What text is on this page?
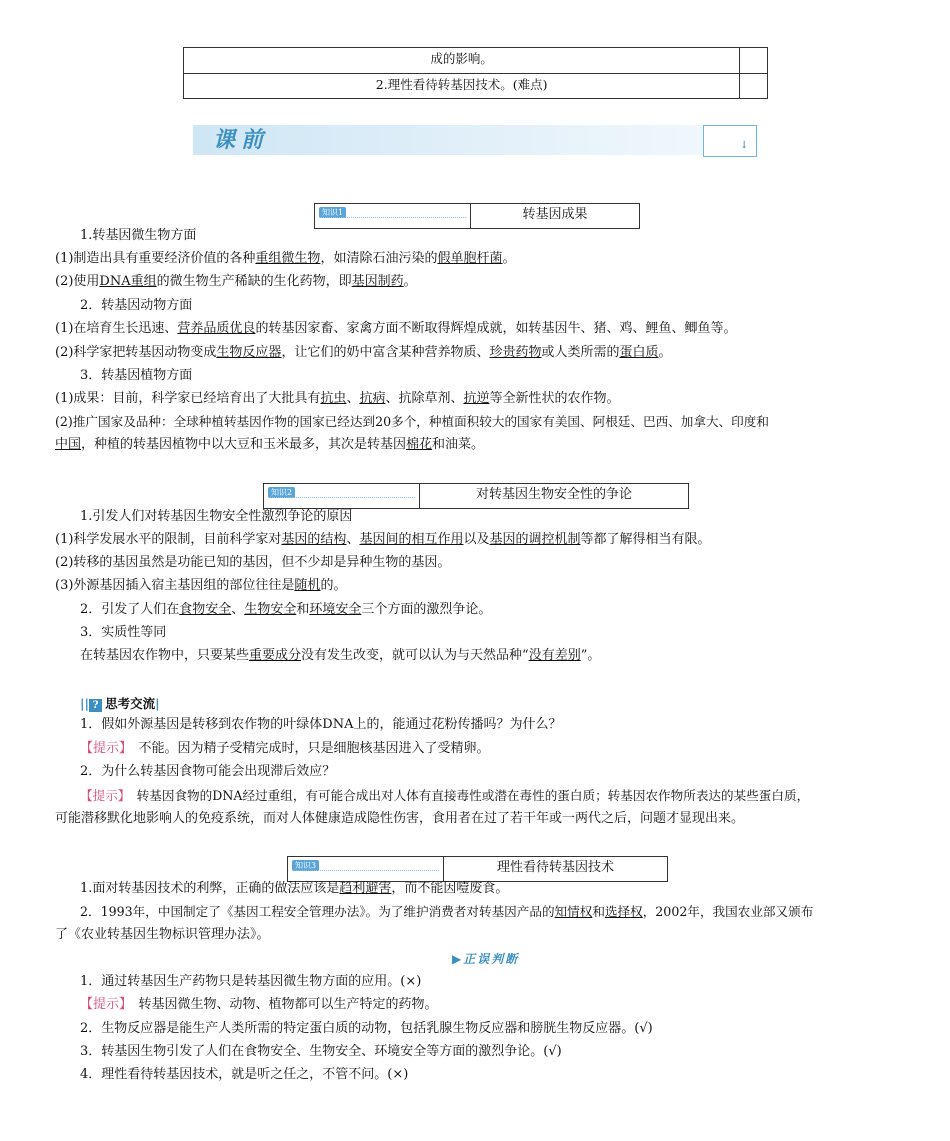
成的影响。	
2.理性看待转基因技术。(难点)	
课前	↓
知识1	转基因成果
1.转基因微生物方面
(1)制造出具有重要经济价值的各种重组微生物，如清除石油污染的假单胞杆菌。
(2)使用DNA重组的微生物生产稀缺的生化药物，即基因制药。
2．转基因动物方面
(1)在培育生长迅速、营养品质优良的转基因家畜、家禽方面不断取得辉煌成就，如转基因牛、猪、鸡、鲤鱼、鲫鱼等。
(2)科学家把转基因动物变成生物反应器，让它们的奶中富含某种营养物质、珍贵药物或人类所需的蛋白质。
3．转基因植物方面
(1)成果：目前，科学家已经培育出了大批具有抗虫、抗病、抗除草剂、抗逆等全新性状的农作物。
(2)推广国家及品种：全球种植转基因作物的国家已经达到20多个，种植面积较大的国家有美国、阿根廷、巴西、加拿大、印度和
中国，种植的转基因植物中以大豆和玉米最多，其次是转基因棉花和油菜。
知识2	对转基因生物安全性的争论
1.引发人们对转基因生物安全性激烈争论的原因
(1)科学发展水平的限制，目前科学家对基因的结构、基因间的相互作用以及基因的调控机制等都了解得相当有限。
(2)转移的基因虽然是功能已知的基因，但不少却是异种生物的基因。
(3)外源基因插入宿主基因组的部位往往是随机的。
2．引发了人们在食物安全、生物安全和环境安全三个方面的激烈争论。
3．实质性等同
在转基因农作物中，只要某些重要成分没有发生改变，就可以认为与天然品种“没有差别”。
|| ? 思考交流|
1．假如外源基因是转移到农作物的叶绿体DNA上的，能通过花粉传播吗？为什么？
【提示】　 不能。因为精子受精完成时，只是细胞核基因进入了受精卵。
2．为什么转基因食物可能会出现滞后效应？
【提示】　 转基因食物的DNA经过重组，有可能合成出对人体有直接毒性或潜在毒性的蛋白质；转基因农作物所表达的某些蛋白质，
可能潜移默化地影响人的免疫系统，而对人体健康造成隐性伤害，食用者在过了若干年或一两代之后，问题才显现出来。
知识3	理性看待转基因技术
1.面对转基因技术的利弊，正确的做法应该是趋利避害，而不能因噎废食。
2．1993年，中国制定了《基因工程安全管理办法》。为了维护消费者对转基因产品的知情权和选择权，2002年，我国农业部又颁布
了《农业转基因生物标识管理办法》。
▶正误判断
1．通过转基因生产药物只是转基因微生物方面的应用。(×)
【提示】　 转基因微生物、动物、植物都可以生产特定的药物。
2．生物反应器是能生产人类所需的特定蛋白质的动物，包括乳腺生物反应器和膀胱生物反应器。(√)
3．转基因生物引发了人们在食物安全、生物安全、环境安全等方面的激烈争论。(√)
4．理性看待转基因技术，就是听之任之，不管不问。(×)
